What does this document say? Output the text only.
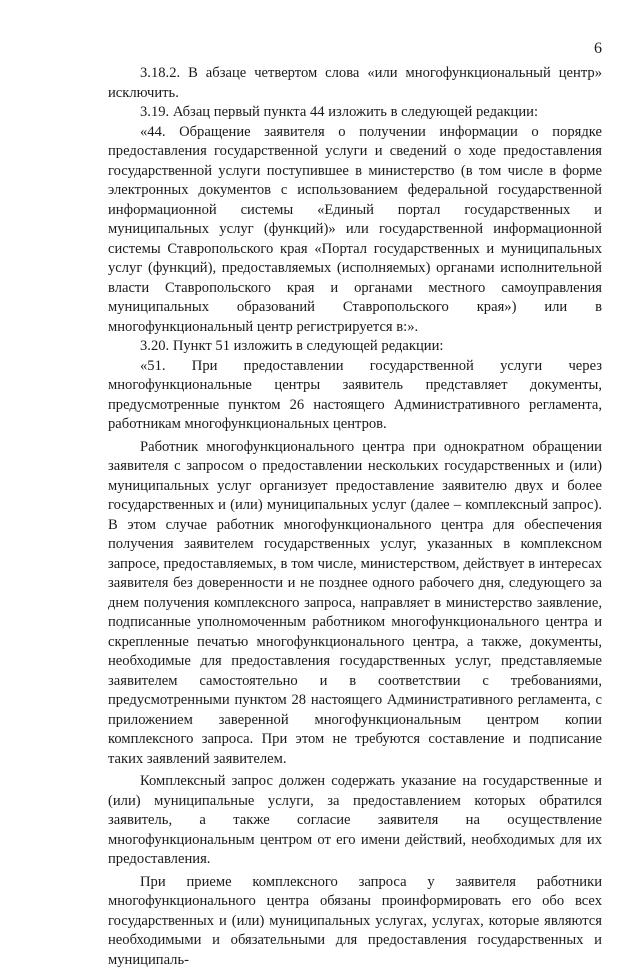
6

3.18.2. В абзаце четвертом слова «или многофункциональный центр» исключить.

3.19. Абзац первый пункта 44 изложить в следующей редакции:

«44. Обращение заявителя о получении информации о порядке предоставления государственной услуги и сведений о ходе предоставления государственной услуги поступившее в министерство (в том числе в форме электронных документов с использованием федеральной государственной информационной системы «Единый портал государственных и муниципальных услуг (функций)» или государственной информационной системы Ставропольского края «Портал государственных и муниципальных услуг (функций), предоставляемых (исполняемых) органами исполнительной власти Ставропольского края и органами местного самоуправления муниципальных образований Ставропольского края») или в многофункциональный центр регистрируется в:».

3.20. Пункт 51 изложить в следующей редакции:

«51. При предоставлении государственной услуги через многофункциональные центры заявитель представляет документы, предусмотренные пунктом 26 настоящего Административного регламента, работникам многофункциональных центров.

Работник многофункционального центра при однократном обращении заявителя с запросом о предоставлении нескольких государственных и (или) муниципальных услуг организует предоставление заявителю двух и более государственных и (или) муниципальных услуг (далее – комплексный запрос). В этом случае работник многофункционального центра для обеспечения получения заявителем государственных услуг, указанных в комплексном запросе, предоставляемых, в том числе, министерством, действует в интересах заявителя без доверенности и не позднее одного рабочего дня, следующего за днем получения комплексного запроса, направляет в министерство заявление, подписанные уполномоченным работником многофункционального центра и скрепленные печатью многофункционального центра, а также, документы, необходимые для предоставления государственных услуг, представляемые заявителем самостоятельно и в соответствии с требованиями, предусмотренными пунктом 28 настоящего Административного регламента, с приложением заверенной многофункциональным центром копии комплексного запроса. При этом не требуются составление и подписание таких заявлений заявителем.

Комплексный запрос должен содержать указание на государственные и (или) муниципальные услуги, за предоставлением которых обратился заявитель, а также согласие заявителя на осуществление многофункциональным центром от его имени действий, необходимых для их предоставления.

При приеме комплексного запроса у заявителя работники многофункционального центра обязаны проинформировать его обо всех государственных и (или) муниципальных услугах, услугах, которые являются необходимыми и обязательными для предоставления государственных и муниципаль-
